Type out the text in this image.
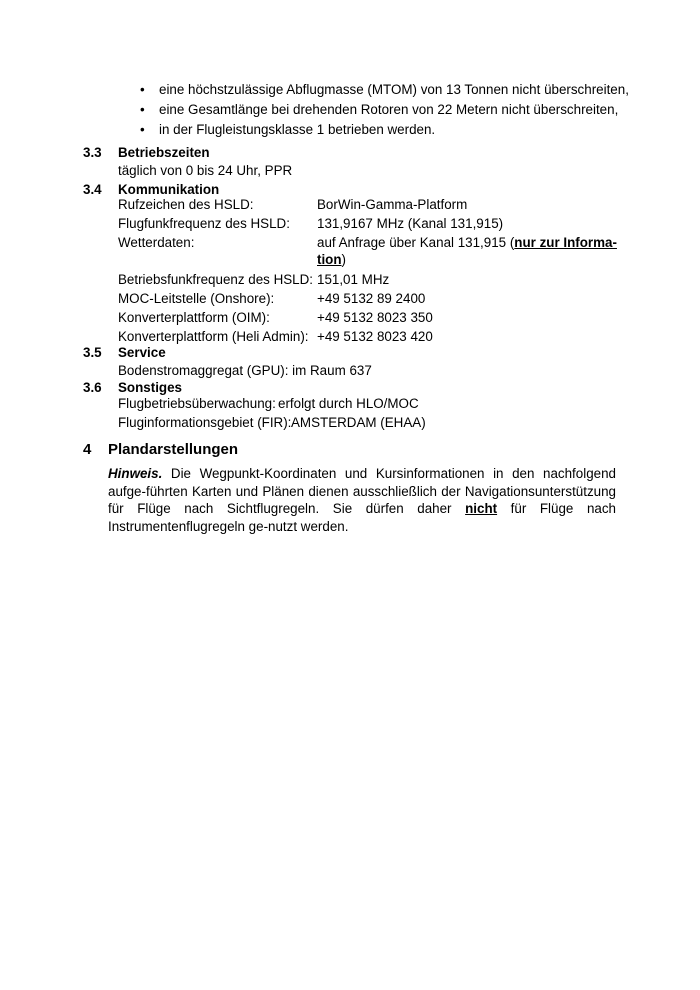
• eine höchstzulässige Abflugmasse (MTOM) von 13 Tonnen nicht überschreiten,
• eine Gesamtlänge bei drehenden Rotoren von 22 Metern nicht überschreiten,
• in der Flugleistungsklasse 1 betrieben werden.
3.3 Betriebszeiten
täglich von 0 bis 24 Uhr, PPR
3.4 Kommunikation
Rufzeichen des HSLD:	BorWin-Gamma-Platform
Flugfunkfrequenz des HSLD: 131,9167 MHz (Kanal 131,915)
Wetterdaten:	auf Anfrage über Kanal 131,915 (nur zur Informa-tion)
Betriebsfunkfrequenz des HSLD: 151,01 MHz
MOC-Leitstelle (Onshore):	+49 5132 89 2400
Konverterplattform (OIM):	+49 5132 8023 350
Konverterplattform (Heli Admin): +49 5132 8023 420
3.5 Service
Bodenstromaggregat (GPU): im Raum 637
3.6 Sonstiges
Flugbetriebsüberwachung: erfolgt durch HLO/MOC
Fluginformationsgebiet (FIR): AMSTERDAM (EHAA)
4 Plandarstellungen
Hinweis. Die Wegpunkt-Koordinaten und Kursinformationen in den nachfolgend aufge-führten Karten und Plänen dienen ausschließlich der Navigationsunterstützung für Flüge nach Sichtflugregeln. Sie dürfen daher nicht für Flüge nach Instrumentenflugregeln ge-nutzt werden.
